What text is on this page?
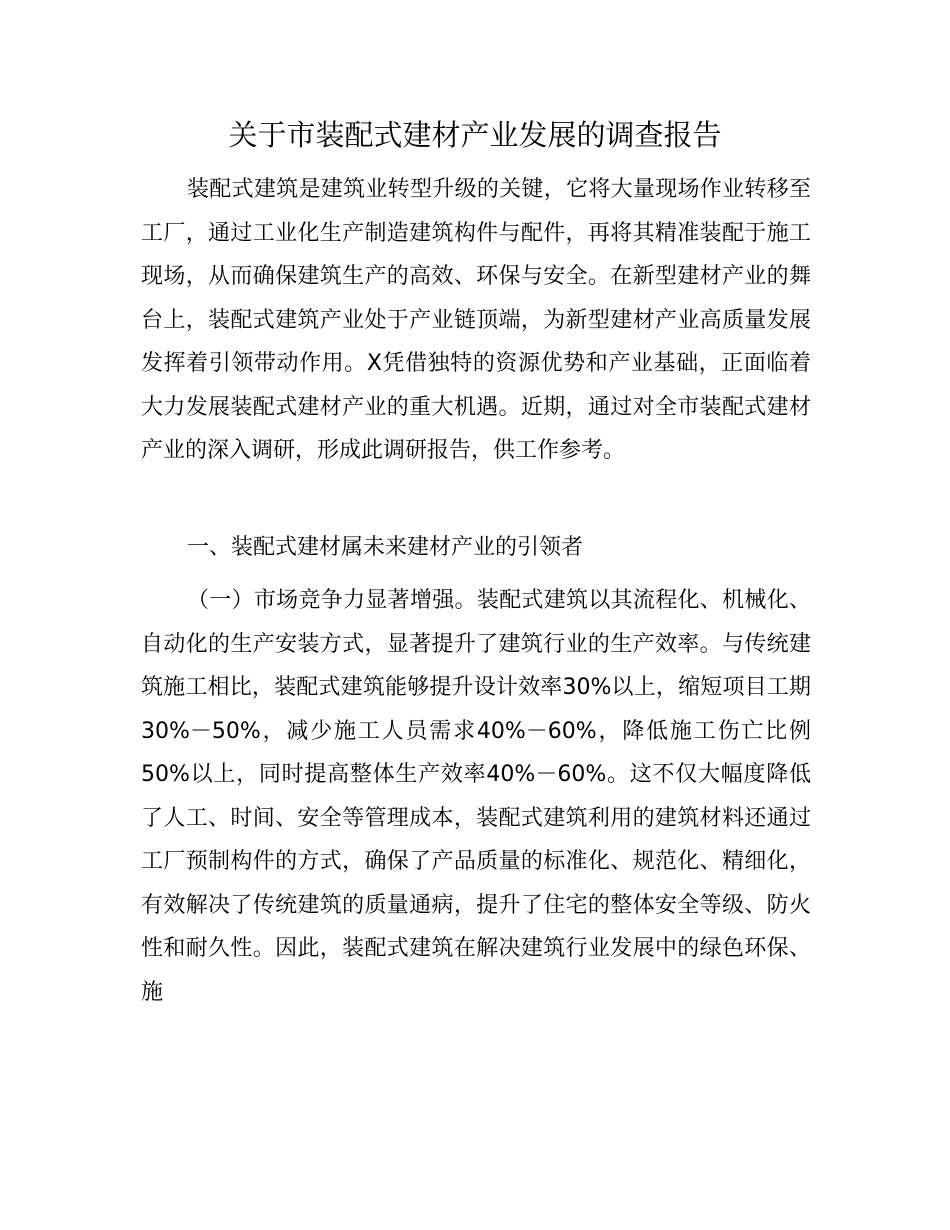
关于市装配式建材产业发展的调查报告

装配式建筑是建筑业转型升级的关键，它将大量现场作业转移至工厂，通过工业化生产制造建筑构件与配件，再将其精准装配于施工现场，从而确保建筑生产的高效、环保与安全。在新型建材产业的舞台上，装配式建筑产业处于产业链顶端，为新型建材产业高质量发展发挥着引领带动作用。X凭借独特的资源优势和产业基础，正面临着大力发展装配式建材产业的重大机遇。近期，通过对全市装配式建材产业的深入调研，形成此调研报告，供工作参考。

一、装配式建材属未来建材产业的引领者

（一）市场竞争力显著增强。装配式建筑以其流程化、机械化、自动化的生产安装方式，显著提升了建筑行业的生产效率。与传统建筑施工相比，装配式建筑能够提升设计效率30%以上，缩短项目工期30%－50%，减少施工人员需求40%－60%，降低施工伤亡比例50%以上，同时提高整体生产效率40%－60%。这不仅大幅度降低了人工、时间、安全等管理成本，装配式建筑利用的建筑材料还通过工厂预制构件的方式，确保了产品质量的标准化、规范化、精细化，有效解决了传统建筑的质量通病，提升了住宅的整体安全等级、防火性和耐久性。因此，装配式建筑在解决建筑行业发展中的绿色环保、施
